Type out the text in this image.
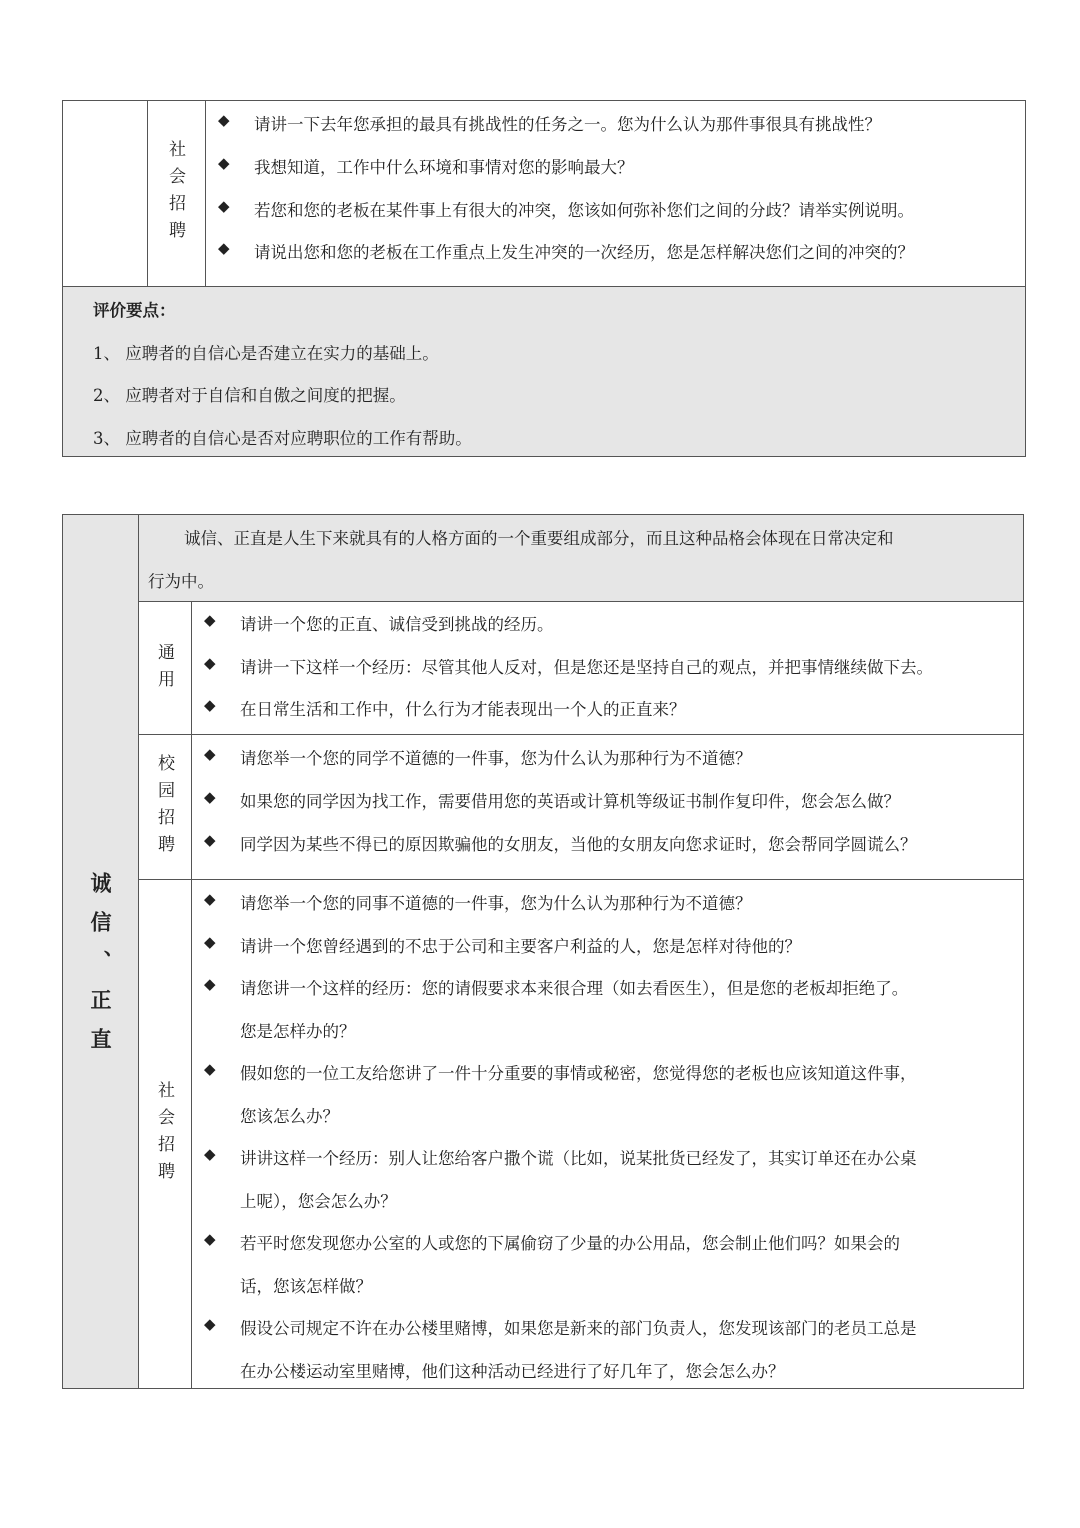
社会招聘
◆ 请讲一下去年您承担的最具有挑战性的任务之一。您为什么认为那件事很具有挑战性？
◆ 我想知道，工作中什么环境和事情对您的影响最大？
◆ 若您和您的老板在某件事上有很大的冲突，您该如何弥补您们之间的分歧？请举实例说明。
◆ 请说出您和您的老板在工作重点上发生冲突的一次经历，您是怎样解决您们之间的冲突的？
评价要点：
1、 应聘者的自信心是否建立在实力的基础上。
2、 应聘者对于自信和自傲之间度的把握。
3、 应聘者的自信心是否对应聘职位的工作有帮助。
诚信、正直
诚信、正直是人生下来就具有的人格方面的一个重要组成部分，而且这种品格会体现在日常决定和
行为中。
通用
◆ 请讲一个您的正直、诚信受到挑战的经历。
◆ 请讲一下这样一个经历：尽管其他人反对，但是您还是坚持自己的观点，并把事情继续做下去。
◆ 在日常生活和工作中，什么行为才能表现出一个人的正直来？
校园招聘 ◆ 请您举一个您的同学不道德的一件事，您为什么认为那种行为不道德？
◆ 如果您的同学因为找工作，需要借用您的英语或计算机等级证书制作复印件，您会怎么做？
◆ 同学因为某些不得已的原因欺骗他的女朋友，当他的女朋友向您求证时，您会帮同学圆谎么？
社会招聘
◆ 请您举一个您的同事不道德的一件事，您为什么认为那种行为不道德？
◆ 请讲一个您曾经遇到的不忠于公司和主要客户利益的人，您是怎样对待他的？
◆ 请您讲一个这样的经历：您的请假要求本来很合理（如去看医生），但是您的老板却拒绝了。
您是怎样办的？
◆ 假如您的一位工友给您讲了一件十分重要的事情或秘密，您觉得您的老板也应该知道这件事，
您该怎么办？
◆ 讲讲这样一个经历：别人让您给客户撒个谎（比如，说某批货已经发了，其实订单还在办公桌
上呢），您会怎么办？
◆ 若平时您发现您办公室的人或您的下属偷窃了少量的办公用品，您会制止他们吗？如果会的
话，您该怎样做？
◆ 假设公司规定不许在办公楼里赌博，如果您是新来的部门负责人，您发现该部门的老员工总是
在办公楼运动室里赌博，他们这种活动已经进行了好几年了，您会怎么办？
